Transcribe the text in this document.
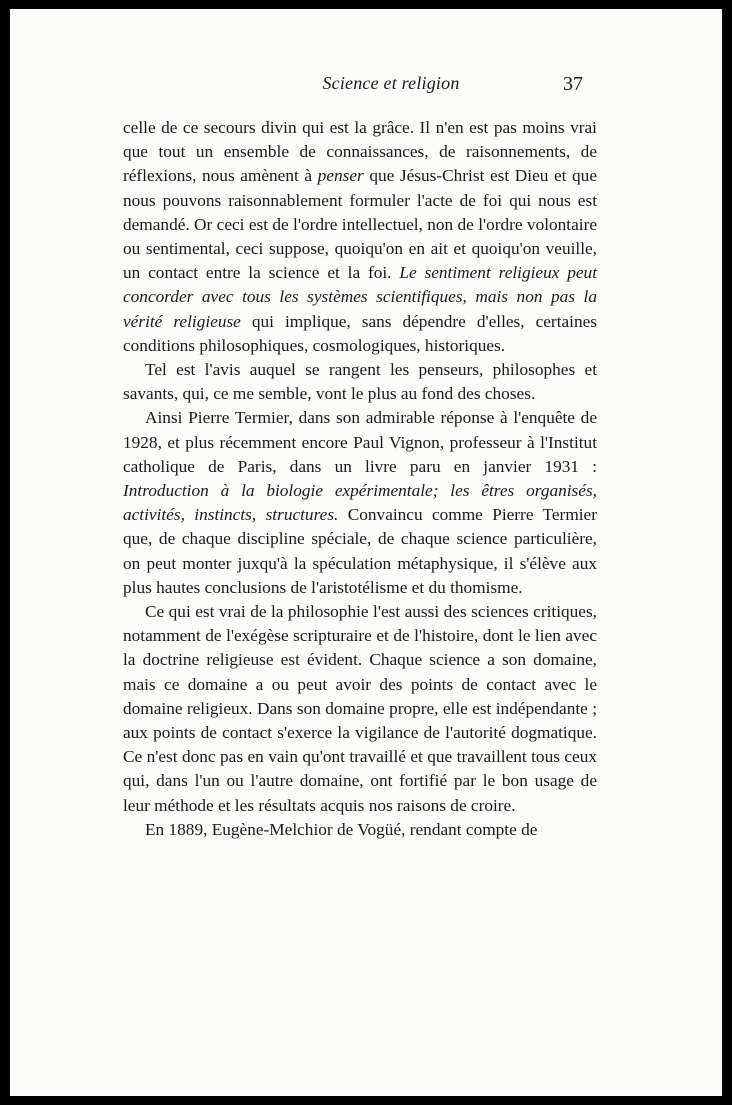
Science et religion	37

celle de ce secours divin qui est la grâce. Il n'en est pas moins vrai que tout un ensemble de connaissances, de raisonnements, de réflexions, nous amènent à penser que Jésus-Christ est Dieu et que nous pouvons raisonnablement formuler l'acte de foi qui nous est demandé. Or ceci est de l'ordre intellectuel, non de l'ordre volontaire ou sentimental, ceci suppose, quoiqu'on en ait et quoiqu'on veuille, un contact entre la science et la foi. Le sentiment religieux peut concorder avec tous les systèmes scientifiques, mais non pas la vérité religieuse qui implique, sans dépendre d'elles, certaines conditions philosophiques, cosmologiques, historiques.

Tel est l'avis auquel se rangent les penseurs, philosophes et savants, qui, ce me semble, vont le plus au fond des choses.

Ainsi Pierre Termier, dans son admirable réponse à l'enquête de 1928, et plus récemment encore Paul Vignon, professeur à l'Institut catholique de Paris, dans un livre paru en janvier 1931 : Introduction à la biologie expérimentale; les êtres organisés, activités, instincts, structures. Convaincu comme Pierre Termier que, de chaque discipline spéciale, de chaque science particulière, on peut monter juxqu'à la spéculation métaphysique, il s'élève aux plus hautes conclusions de l'aristotélisme et du thomisme.

Ce qui est vrai de la philosophie l'est aussi des sciences critiques, notamment de l'exégèse scripturaire et de l'histoire, dont le lien avec la doctrine religieuse est évident. Chaque science a son domaine, mais ce domaine a ou peut avoir des points de contact avec le domaine religieux. Dans son domaine propre, elle est indépendante ; aux points de contact s'exerce la vigilance de l'autorité dogmatique. Ce n'est donc pas en vain qu'ont travaillé et que travaillent tous ceux qui, dans l'un ou l'autre domaine, ont fortifié par le bon usage de leur méthode et les résultats acquis nos raisons de croire.

En 1889, Eugène-Melchior de Vogüé, rendant compte de
